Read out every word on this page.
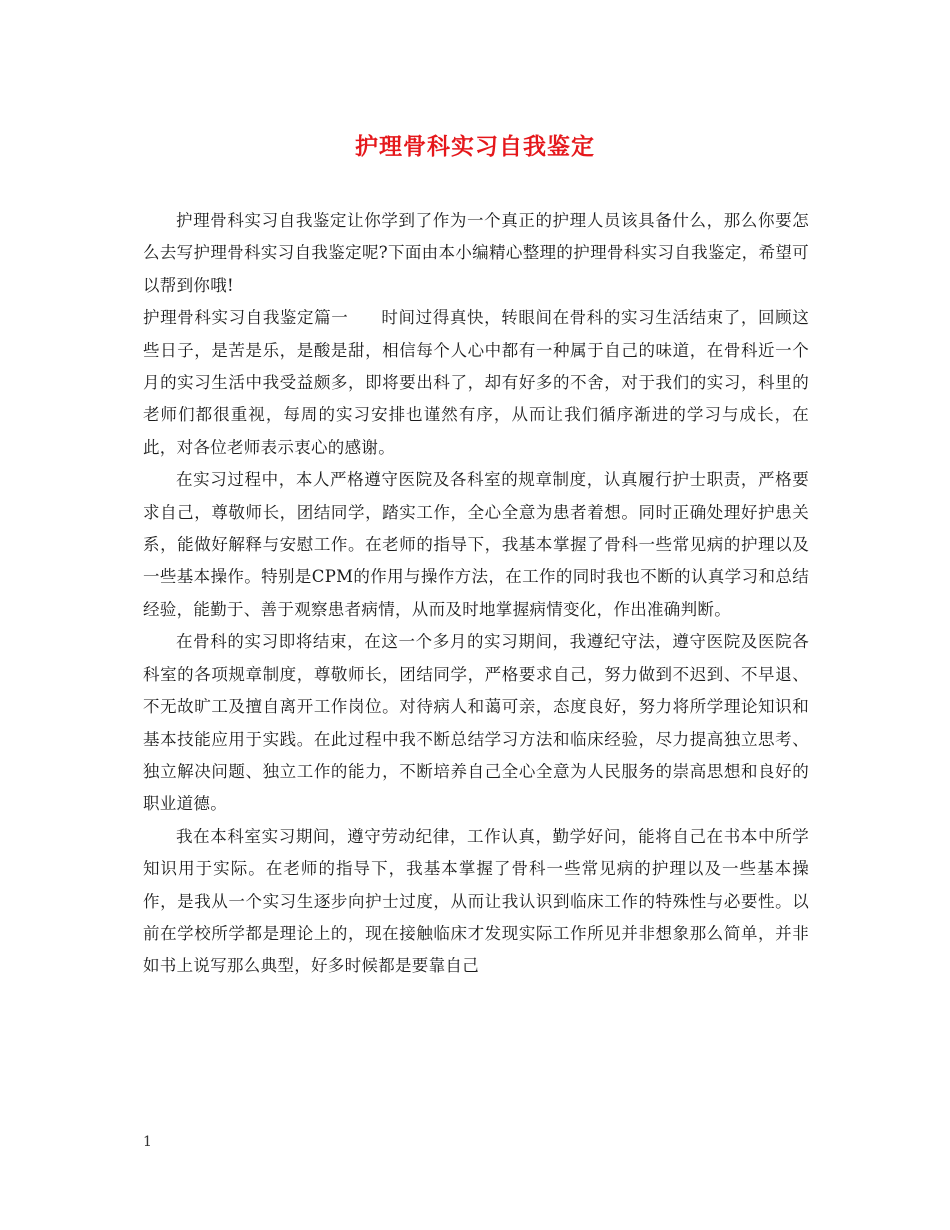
护理骨科实习自我鉴定

护理骨科实习自我鉴定让你学到了作为一个真正的护理人员该具备什么，那么你要怎么去写护理骨科实习自我鉴定呢?下面由本小编精心整理的护理骨科实习自我鉴定，希望可以帮到你哦!

护理骨科实习自我鉴定篇一 时间过得真快，转眼间在骨科的实习生活结束了，回顾这些日子，是苦是乐，是酸是甜，相信每个人心中都有一种属于自己的味道，在骨科近一个月的实习生活中我受益颇多，即将要出科了，却有好多的不舍，对于我们的实习，科里的老师们都很重视，每周的实习安排也谨然有序，从而让我们循序渐进的学习与成长，在此，对各位老师表示衷心的感谢。

在实习过程中，本人严格遵守医院及各科室的规章制度，认真履行护士职责，严格要求自己，尊敬师长，团结同学，踏实工作，全心全意为患者着想。同时正确处理好护患关系，能做好解释与安慰工作。在老师的指导下，我基本掌握了骨科一些常见病的护理以及一些基本操作。特别是CPM的作用与操作方法，在工作的同时我也不断的认真学习和总结经验，能勤于、善于观察患者病情，从而及时地掌握病情变化，作出准确判断。

在骨科的实习即将结束，在这一个多月的实习期间，我遵纪守法，遵守医院及医院各科室的各项规章制度，尊敬师长，团结同学，严格要求自己，努力做到不迟到、不早退、不无故旷工及擅自离开工作岗位。对待病人和蔼可亲，态度良好，努力将所学理论知识和基本技能应用于实践。在此过程中我不断总结学习方法和临床经验，尽力提高独立思考、独立解决问题、独立工作的能力，不断培养自己全心全意为人民服务的崇高思想和良好的职业道德。

我在本科室实习期间，遵守劳动纪律，工作认真，勤学好问，能将自己在书本中所学知识用于实际。在老师的指导下，我基本掌握了骨科一些常见病的护理以及一些基本操作，是我从一个实习生逐步向护士过度，从而让我认识到临床工作的特殊性与必要性。以前在学校所学都是理论上的，现在接触临床才发现实际工作所见并非想象那么简单，并非如书上说写那么典型，好多时候都是要靠自己

1
